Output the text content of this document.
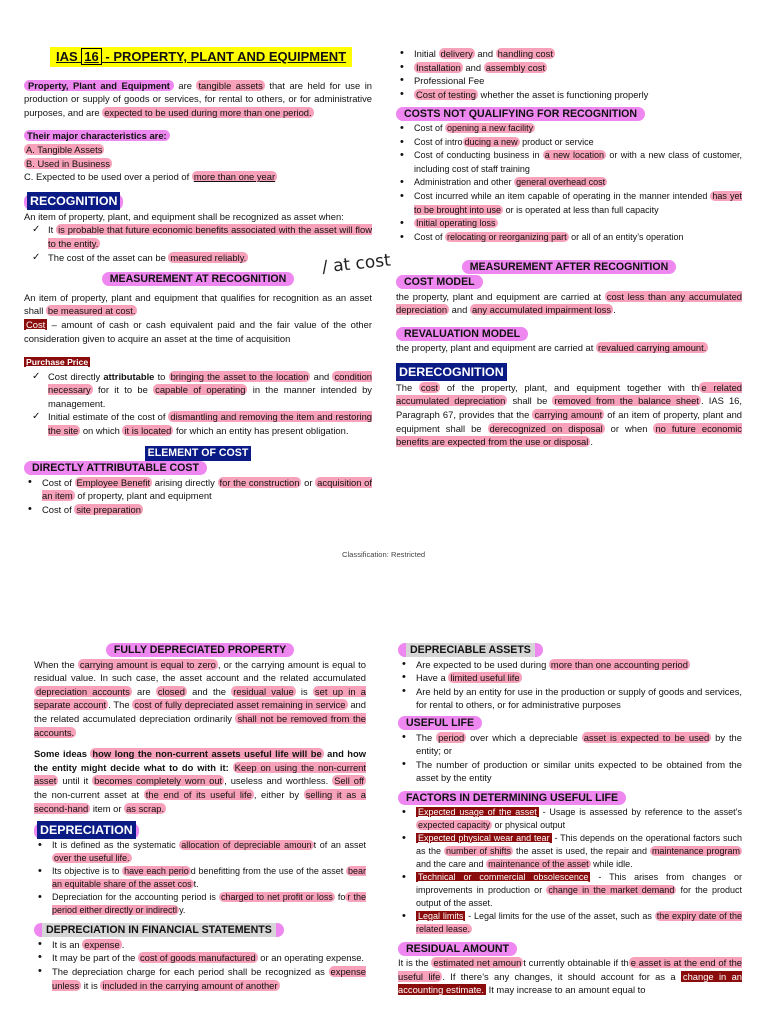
IAS 16 - PROPERTY, PLANT AND EQUIPMENT

Property, Plant and Equipment are tangible assets that are held for use in production or supply of goods or services, for rental to others, or for administrative purposes, and are expected to be used during more than one period.

Their major characteristics are:
A. Tangible Assets
B. Used in Business
C. Expected to be used over a period of more than one year
RECOGNITION

An item of property, plant, and equipment shall be recognized as asset when:

✓ It is probable that future economic benefits associated with the asset will flow to the entity.
✓ The cost of the asset can be measured reliably.
MEASUREMENT AT RECOGNITION

An item of property, plant and equipment that qualifies for recognition as an asset shall be measured at cost.

Cost – amount of cash or cash equivalent paid and the fair value of the other consideration given to acquire an asset at the time of acquisition

Purchase Price
✓ Cost directly attributable to bringing the asset to the location and condition necessary for it to be capable of operating in the manner intended by management.
✓ Initial estimate of the cost of dismantling and removing the item and restoring the site on which it is located for which an entity has present obligation.
ELEMENT OF COST
DIRECTLY ATTRIBUTABLE COST
• Cost of Employee Benefit arising directly for the construction or acquisition of an item of property, plant and equipment
• Cost of site preparation
/ at cost
• Initial delivery and handling cost
• Installation and assembly cost
• Professional Fee
• Cost of testing whether the asset is functioning properly
COSTS NOT QUALIFYING FOR RECOGNITION
• Cost of opening a new facility
• Cost of intro ducing a new product or service
• Cost of conducting business in a new location or with a new class of customer, including cost of staff training
• Administration and other general overhead cost
• Cost incurred while an item capable of operating in the manner intended has yet to be brought into use or is operated at less than full capacity
• Initial operating loss
• Cost of relocating or reorganizing part or all of an entity’s operation
MEASUREMENT AFTER RECOGNITION
COST MODEL

the property, plant and equipment are carried at cost less than any accumulated depreciation and any accumulated impairment loss .

REVALUATION MODEL

the property, plant and equipment are carried at revalued carrying amount.

DERECOGNITION

The cost of the property, plant, and equipment together with th e related accumulated depreciation shall be removed from the balance sheet . IAS 16, Paragraph 67, provides that the carrying amount of an item of property, plant and equipment shall be derecognized on disposal or when no future economic benefits are expected from the use or disposal .

Classification: Restricted
FULLY DEPRECIATED PROPERTY

When the carrying amount is equal to zero , or the carrying amount is equal to residual value. In such case, the asset account and the related accumulated depreciation accounts are closed and the residual value is set up in a separate account . The cost of fully depreciated asset remaining in service and the related accumulated depreciation ordinarily shall not be removed from the accounts.

Some ideas how long the non-current assets useful life will be and how the entity might decide what to do with it: Keep on using the non-current asset until it becomes completely worn out , useless and worthless. Sell off the non-current asset at the end of its useful life , either by selling it as a second-hand item or as scrap.

DEPRECIATION
• It is defined as the systematic allocation of depreciable amoun t of an asset over the useful life.
• Its objective is to have each perio d benefitting from the use of the asset bear an equitable share of the asset cos t.
• Depreciation for the accounting period is charged to net profit or loss fo r the period either directly or indirectl y.
DEPRECIATION IN FINANCIAL STATEMENTS
• It is an expense .
• It may be part of the cost of goods manufactured or an operating expense.
• The depreciation charge for each period shall be recognized as expense unless it is included in the carrying amount of another
DEPRECIABLE ASSETS
• Are expected to be used during more than one accounting period
• Have a limited useful life
• Are held by an entity for use in the production or supply of goods and services, for rental to others, or for administrative purposes
USEFUL LIFE
• The period over which a depreciable asset is expected to be used by the entity; or
• The number of production or similar units expected to be obtained from the asset by the entity
FACTORS IN DETERMINING USEFUL LIFE
• Expected usage of the asset - Usage is assessed by reference to the asset’s expected capacity or physical output
• Expected physical wear and tear - This depends on the operational factors such as the number of shifts the asset is used, the repair and maintenance program and the care and maintenance of the asset while idle.
• Technical or commercial obsolescence - This arises from changes or improvements in production or change in the market demand for the product output of the asset.
• Legal limits - Legal limits for the use of the asset, such as the expiry date of the related lease.
RESIDUAL AMOUNT

It is the estimated net amoun t currently obtainable if th e asset is at the end of the useful life . If there’s any changes, it should account for as a change in an accounting estimate. It may increase to an amount equal to
